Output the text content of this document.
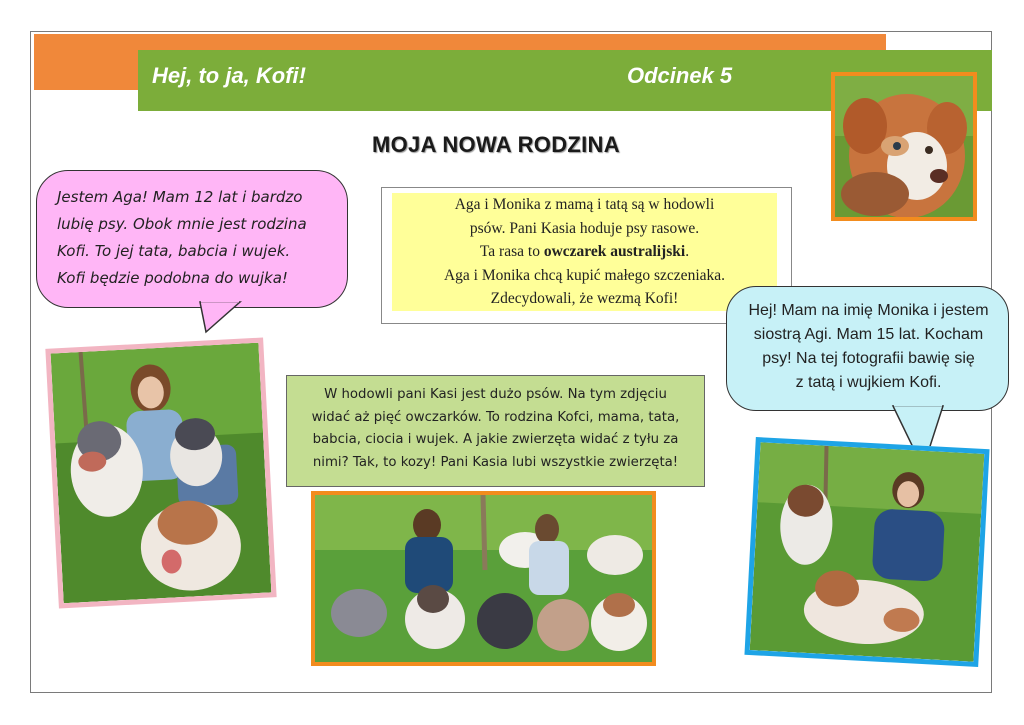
Hej, to ja, Kofi!	Odcinek 5
MOJA NOWA RODZINA
Jestem Aga! Mam 12 lat i bardzo
lubię psy. Obok mnie jest rodzina
Kofi. To jej tata, babcia i wujek.
Kofi będzie podobna do wujka!
Aga i Monika z mamą i tatą są w hodowli
psów. Pani Kasia hoduje psy rasowe.
Ta rasa to owczarek australijski.
Aga i Monika chcą kupić małego szczeniaka.
Zdecydowali, że wezmą Kofi!
Hej! Mam na imię Monika i jestem
siostrą Agi. Mam 15 lat. Kocham
psy! Na tej fotografii bawię się
z tatą i wujkiem Kofi.
W hodowli pani Kasi jest dużo psów. Na tym zdjęciu
widać aż pięć owczarków. To rodzina Kofci, mama, tata,
babcia, ciocia i wujek. A jakie zwierzęta widać z tyłu za
nimi? Tak, to kozy! Pani Kasia lubi wszystkie zwierzęta!
